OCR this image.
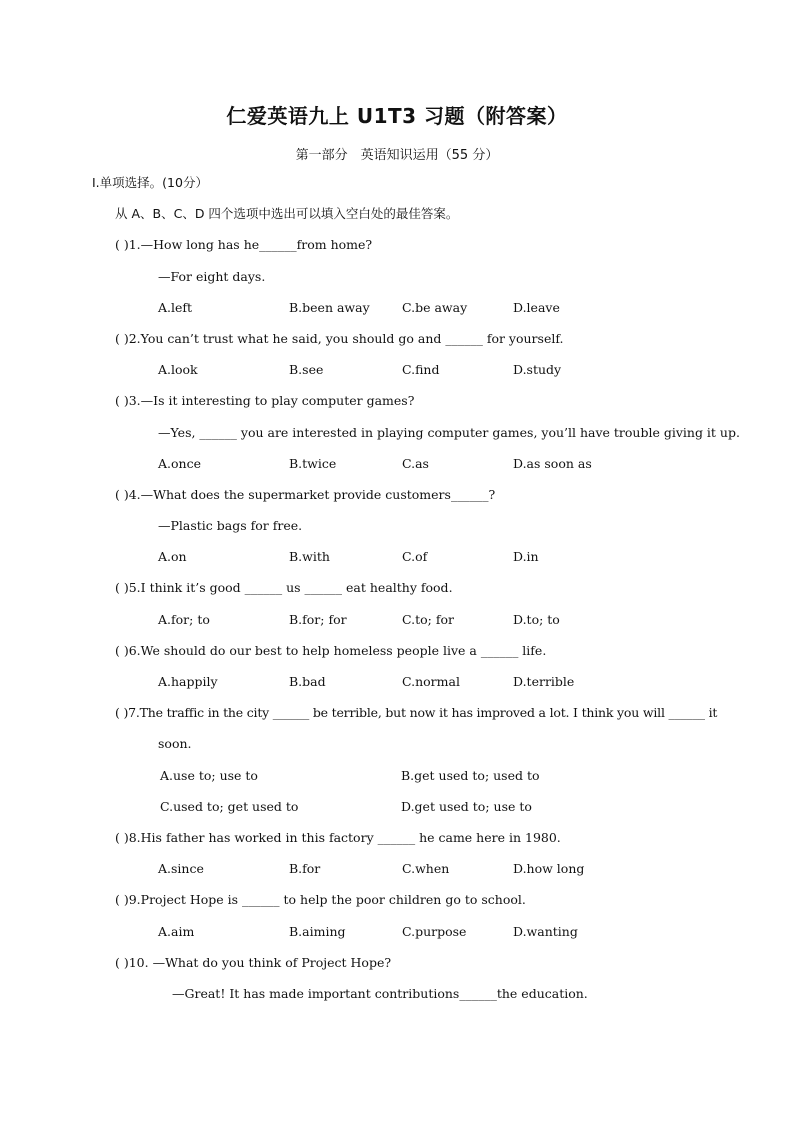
仁爱英语九上 U1T3 习题（附答案）
第一部分　英语知识运用（55 分）
Ⅰ.单项选择。(10分）
从 A、B、C、D 四个选项中选出可以填入空白处的最佳答案。
( )1.—How long has he______from home?
—For eight days.
A.left	B.been away	C.be away	D.leave
( )2.You can’t trust what he said, you should go and ______ for yourself.
A.look	B.see	C.find	D.study
( )3.—Is it interesting to play computer games?
—Yes, ______ you are interested in playing computer games, you’ll have trouble giving it up.
A.once	B.twice	C.as	D.as soon as
( )4.—What does the supermarket provide customers______?
—Plastic bags for free.
A.on	B.with	C.of	D.in
( )5.I think it’s good ______ us ______ eat healthy food.
A.for; to	B.for; for	C.to; for	D.to; to
( )6.We should do our best to help homeless people live a ______ life.
A.happily	B.bad	C.normal	D.terrible
( )7.The traffic in the city ______ be terrible, but now it has improved a lot. I think you will ______ it
soon.
A.use to; use to	B.get used to; used to
C.used to; get used to	D.get used to; use to
( )8.His father has worked in this factory ______ he came here in 1980.
A.since	B.for	C.when	D.how long
( )9.Project Hope is ______ to help the poor children go to school.
A.aim	B.aiming	C.purpose	D.wanting
( )10. —What do you think of Project Hope?
—Great! It has made important contributions______the education.
